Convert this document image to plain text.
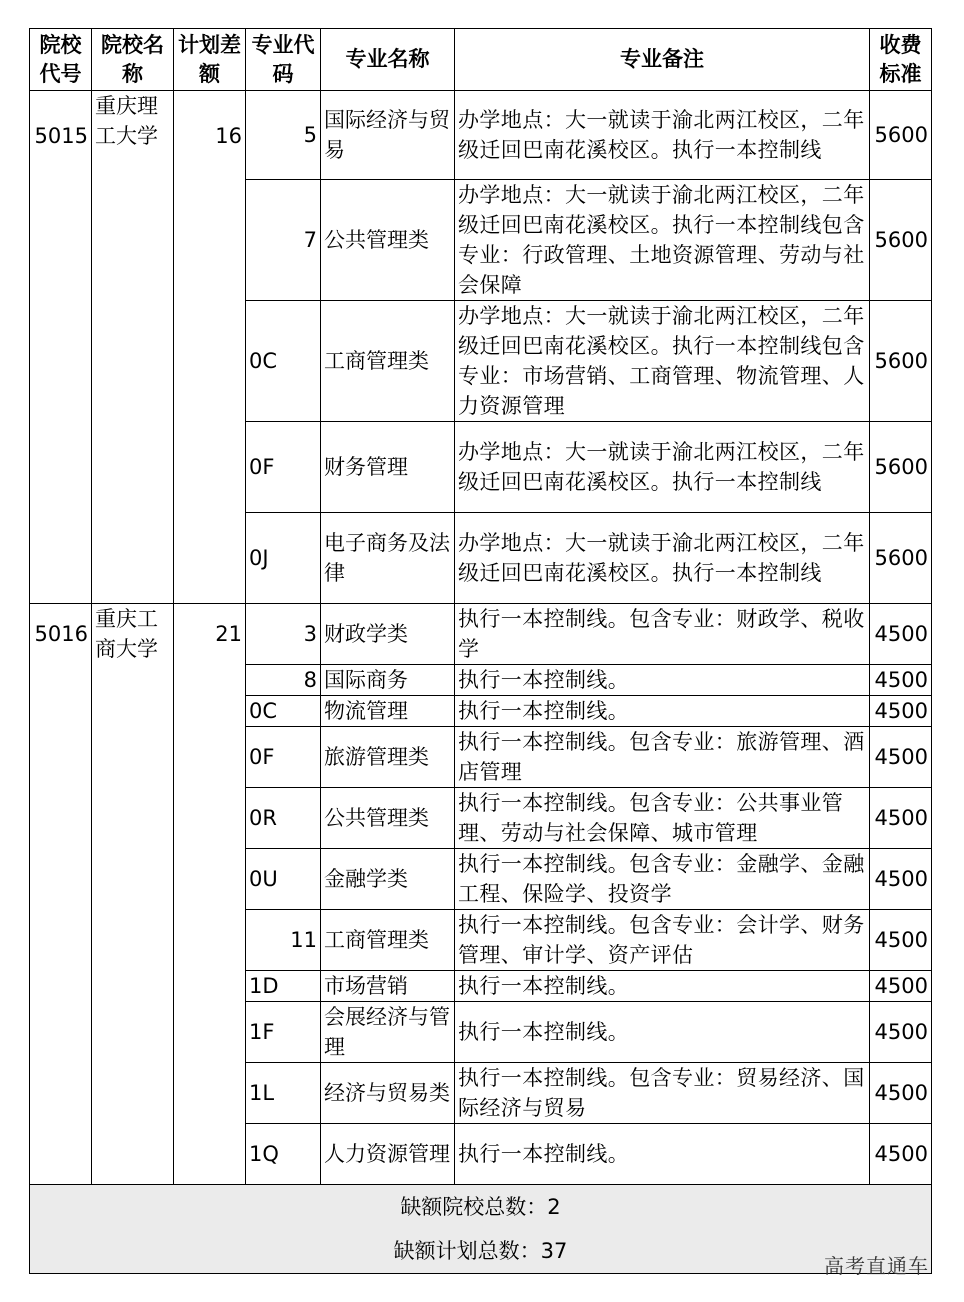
院校代号	院校名称	计划差额	专业代码	专业名称	专业备注	收费标准
5015	重庆理工大学	16	5	国际经济与贸易	办学地点：大一就读于渝北两江校区，二年级迁回巴南花溪校区。执行一本控制线	5600
			7	公共管理类	办学地点：大一就读于渝北两江校区，二年级迁回巴南花溪校区。执行一本控制线包含专业：行政管理、土地资源管理、劳动与社会保障	5600
			0C	工商管理类	办学地点：大一就读于渝北两江校区，二年级迁回巴南花溪校区。执行一本控制线包含专业：市场营销、工商管理、物流管理、人力资源管理	5600
			0F	财务管理	办学地点：大一就读于渝北两江校区，二年级迁回巴南花溪校区。执行一本控制线	5600
			0J	电子商务及法律	办学地点：大一就读于渝北两江校区，二年级迁回巴南花溪校区。执行一本控制线	5600
5016	重庆工商大学	21	3	财政学类	执行一本控制线。包含专业：财政学、税收学	4500
			8	国际商务	执行一本控制线。	4500
			0C	物流管理	执行一本控制线。	4500
			0F	旅游管理类	执行一本控制线。包含专业：旅游管理、酒店管理	4500
			0R	公共管理类	执行一本控制线。包含专业：公共事业管理、劳动与社会保障、城市管理	4500
			0U	金融学类	执行一本控制线。包含专业：金融学、金融工程、保险学、投资学	4500
			11	工商管理类	执行一本控制线。包含专业：会计学、财务管理、审计学、资产评估	4500
			1D	市场营销	执行一本控制线。	4500
			1F	会展经济与管理	执行一本控制线。	4500
			1L	经济与贸易类	执行一本控制线。包含专业：贸易经济、国际经济与贸易	4500
			1Q	人力资源管理	执行一本控制线。	4500

缺额院校总数：2
缺额计划总数：37						
高考直通车
